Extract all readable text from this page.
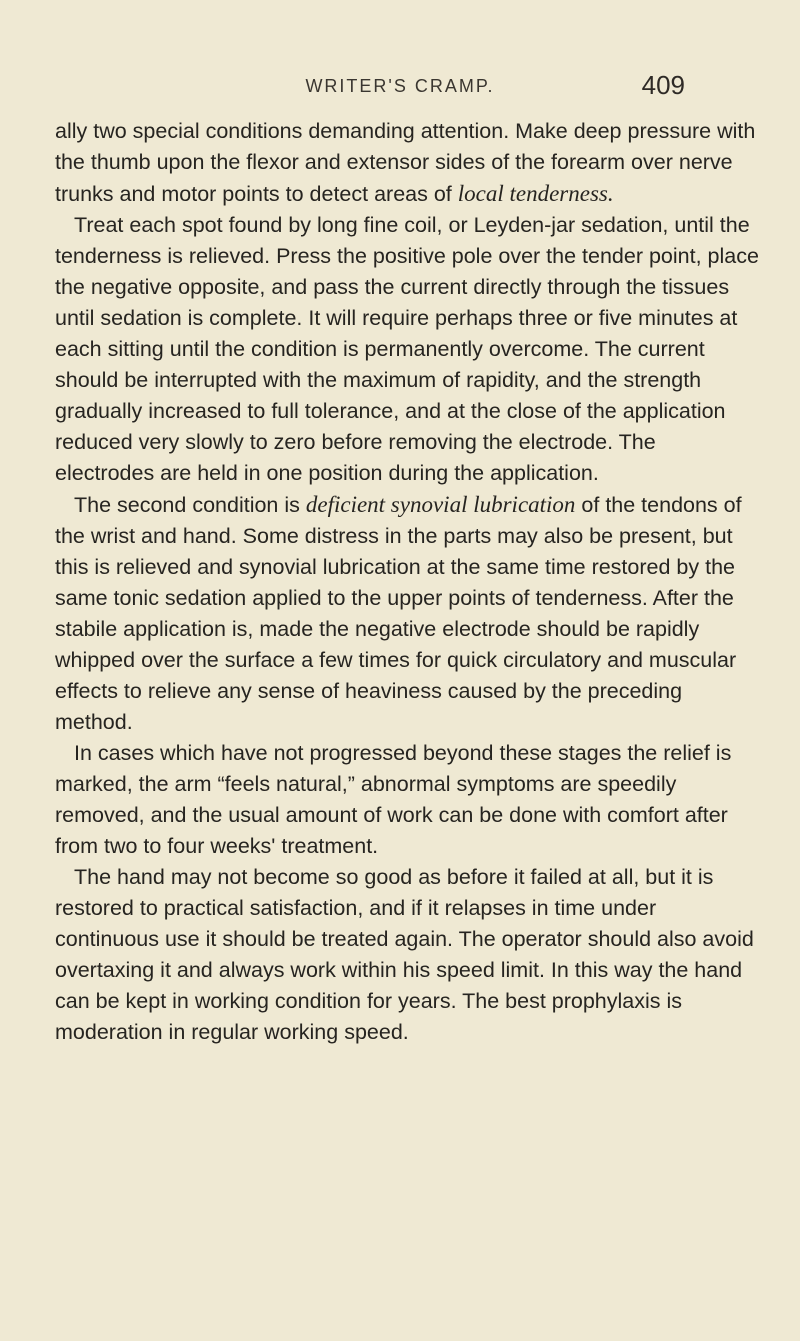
WRITER'S CRAMP.	409

ally two special conditions demanding attention. Make deep pressure with the thumb upon the flexor and extensor sides of the forearm over nerve trunks and motor points to detect areas of local tenderness.

Treat each spot found by long fine coil, or Leyden-jar sedation, until the tenderness is relieved. Press the positive pole over the tender point, place the negative opposite, and pass the current directly through the tissues until sedation is complete. It will require perhaps three or five minutes at each sitting until the condition is permanently overcome. The current should be interrupted with the maximum of rapidity, and the strength gradually increased to full tolerance, and at the close of the application reduced very slowly to zero before removing the electrode. The electrodes are held in one position during the application.

The second condition is deficient synovial lubrication of the tendons of the wrist and hand. Some distress in the parts may also be present, but this is relieved and synovial lubrication at the same time restored by the same tonic sedation applied to the upper points of tenderness. After the stabile application is, made the negative electrode should be rapidly whipped over the surface a few times for quick circulatory and muscular effects to relieve any sense of heaviness caused by the preceding method.

In cases which have not progressed beyond these stages the relief is marked, the arm “feels natural,” abnormal symptoms are speedily removed, and the usual amount of work can be done with comfort after from two to four weeks' treatment.

The hand may not become so good as before it failed at all, but it is restored to practical satisfaction, and if it relapses in time under continuous use it should be treated again. The operator should also avoid overtaxing it and always work within his speed limit. In this way the hand can be kept in working condition for years. The best prophylaxis is moderation in regular working speed.
